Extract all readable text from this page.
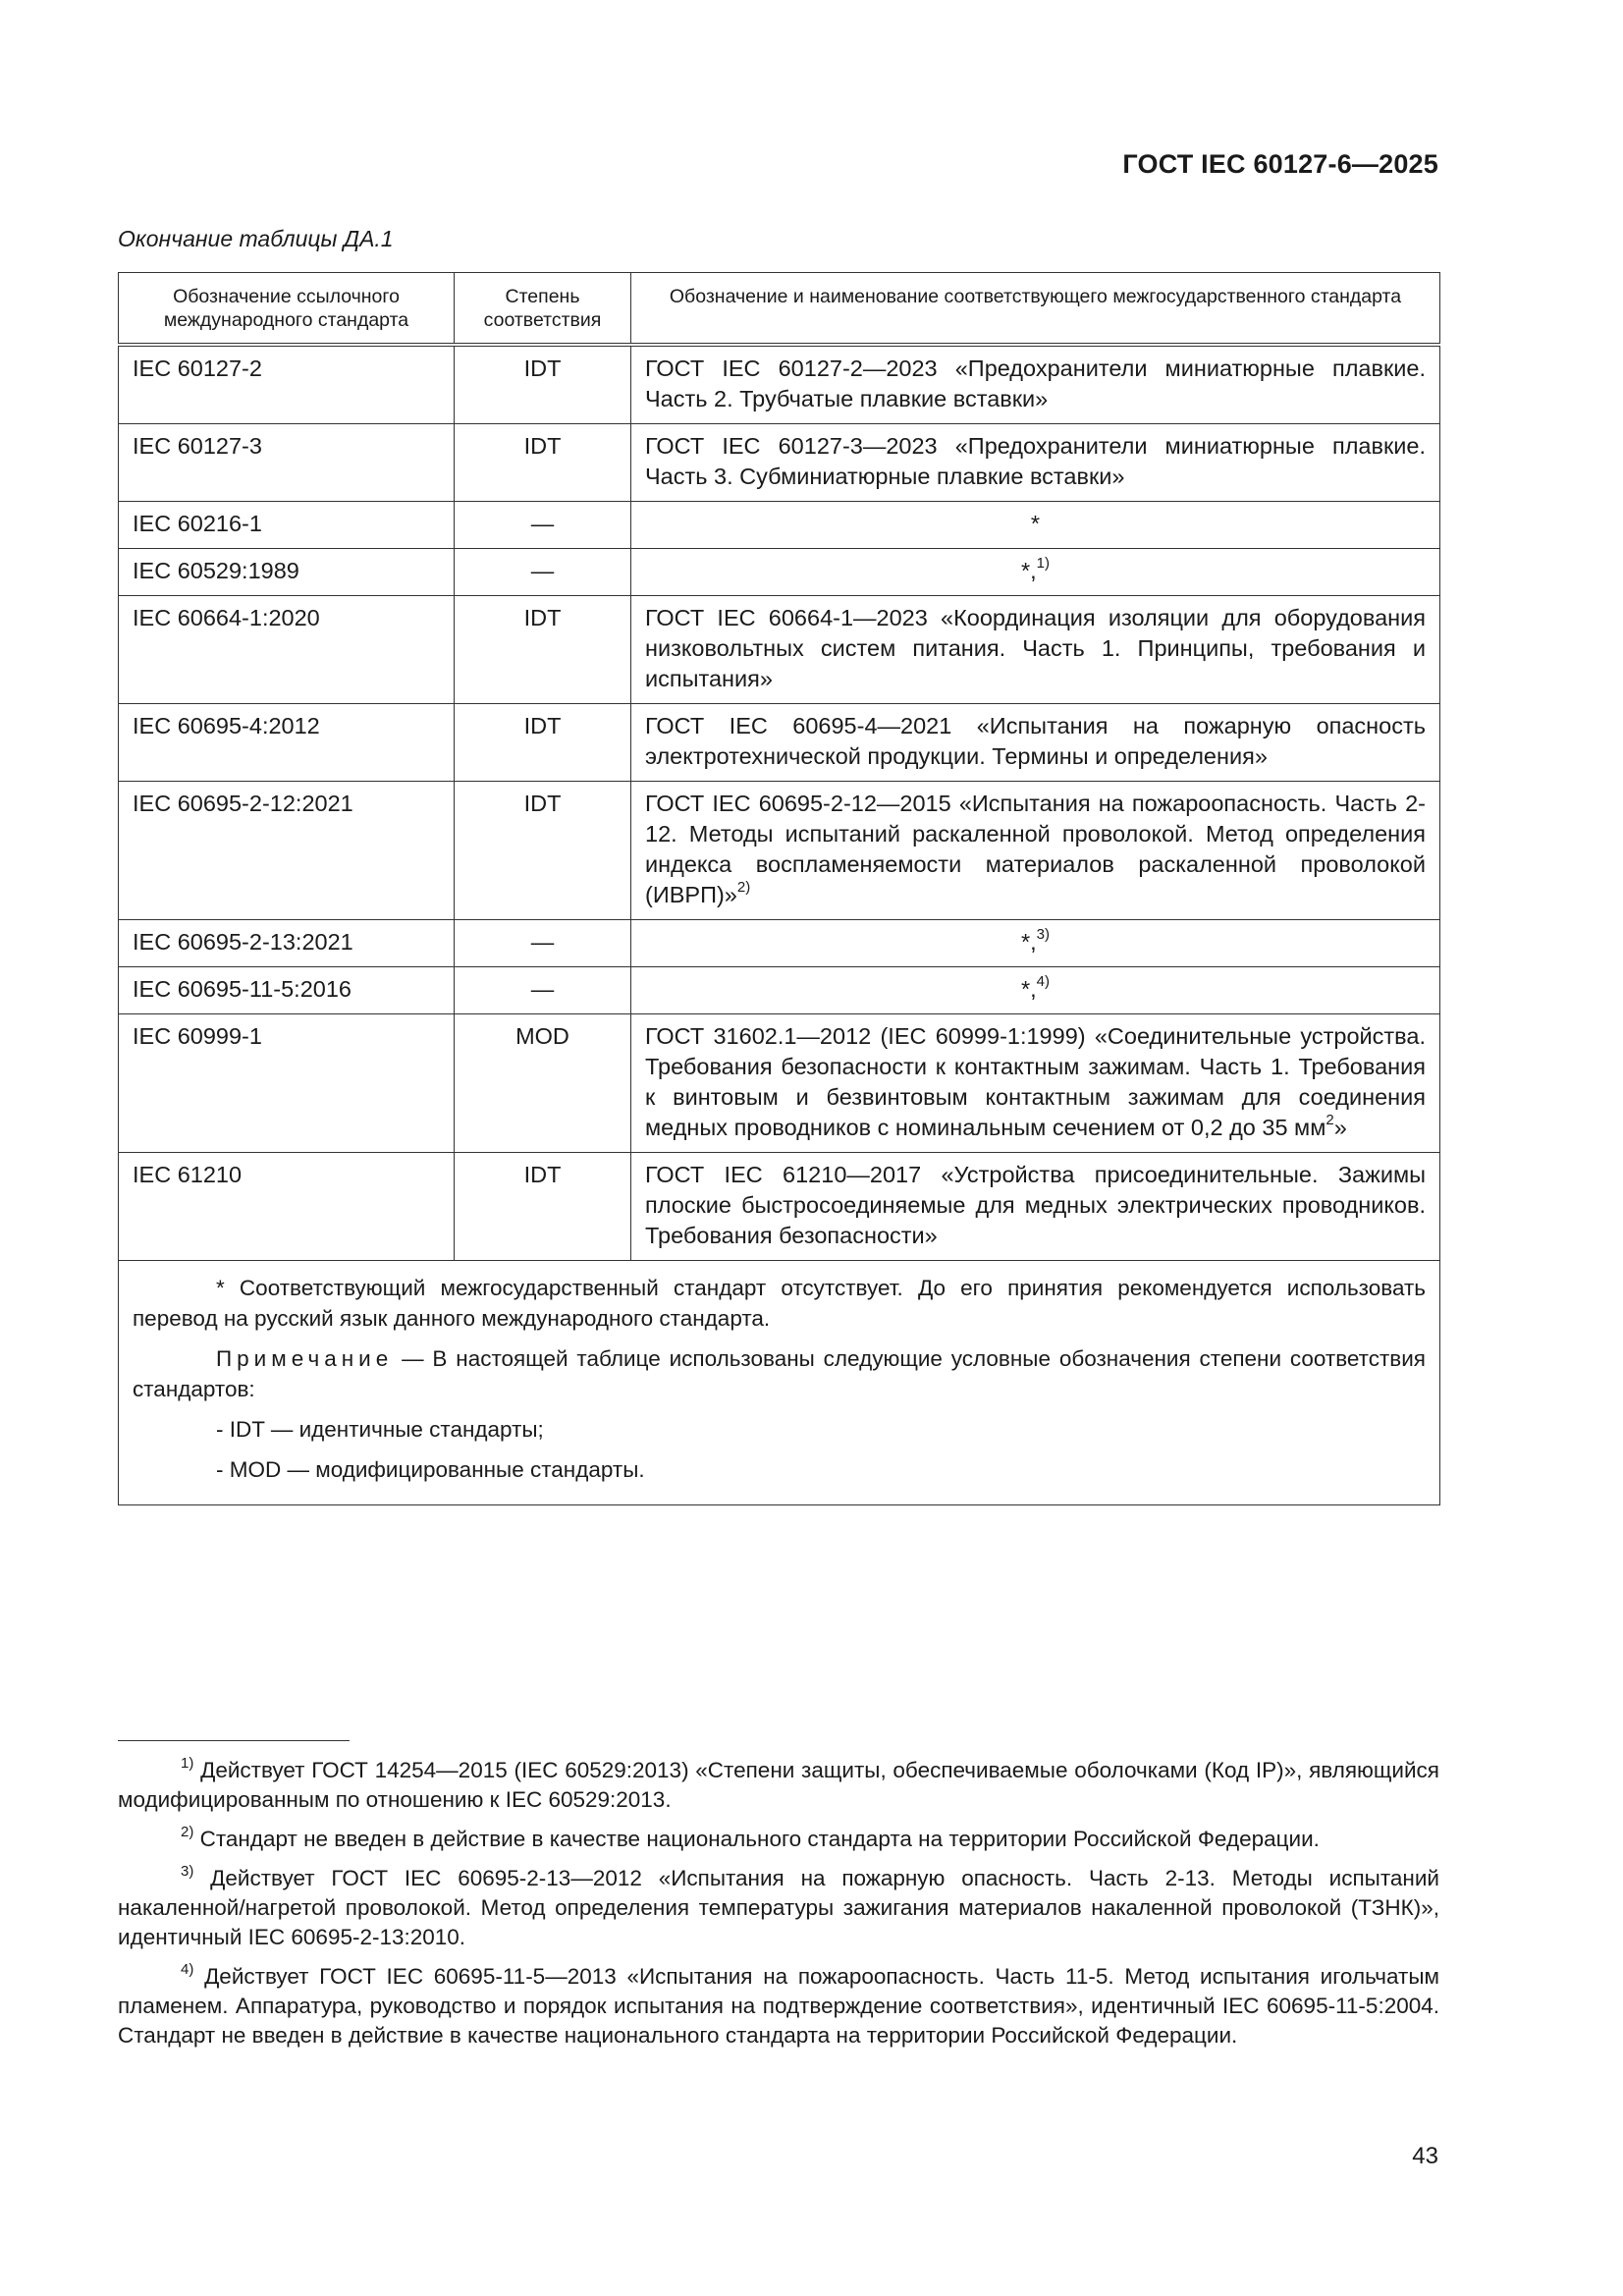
ГОСТ IEC 60127-6—2025
Окончание таблицы ДА.1
Обозначение ссылочного международного стандарта	Степень соответствия	Обозначение и наименование соответствующего межгосударственного стандарта
IEC 60127-2	IDT	ГОСТ IEC 60127-2—2023 «Предохранители миниатюрные плавкие. Часть 2. Трубчатые плавкие вставки»
IEC 60127-3	IDT	ГОСТ IEC 60127-3—2023 «Предохранители миниатюрные плавкие. Часть 3. Субминиатюрные плавкие вставки»
IEC 60216-1	—	*
IEC 60529:1989	—	*,$^{1)}$
IEC 60664-1:2020	IDT	ГОСТ IEC 60664-1—2023 «Координация изоляции для оборудования низковольтных систем питания. Часть 1. Принципы, требования и испытания»
IEC 60695-4:2012	IDT	ГОСТ IEC 60695-4—2021 «Испытания на пожарную опасность электротехнической продукции. Термины и определения»
IEC 60695-2-12:2021	IDT	ГОСТ IEC 60695-2-12—2015 «Испытания на пожароопасность. Часть 2-12. Методы испытаний раскаленной проволокой. Метод определения индекса воспламеняемости материалов раскаленной проволокой (ИВРП)»$^{2)}$
IEC 60695-2-13:2021	—	*,$^{3)}$
IEC 60695-11-5:2016	—	*,$^{4)}$
IEC 60999-1	MOD	ГОСТ 31602.1—2012 (IEC 60999-1:1999) «Соединительные устройства. Требования безопасности к контактным зажимам. Часть 1. Требования к винтовым и безвинтовым контактным зажимам для соединения медных проводников с номинальным сечением от 0,2 до 35 $мм^2$»
IEC 61210	IDT	ГОСТ IEC 61210—2017 «Устройства присоединительные. Зажимы плоские быстросоединяемые для медных электрических проводников. Требования безопасности»

* Соответствующий межгосударственный стандарт отсутствует. До его принятия рекомендуется использовать перевод на русский язык данного международного стандарта.

Примечание — В настоящей таблице использованы следующие условные обозначения степени соответствия стандартов:

- IDT — идентичные стандарты;
- MOD — модифицированные стандарты.		

$^{1)}$ Действует ГОСТ 14254—2015 (IEC 60529:2013) «Степени защиты, обеспечиваемые оболочками (Код IP)», являющийся модифицированным по отношению к IEC 60529:2013.

$^{2)}$ Стандарт не введен в действие в качестве национального стандарта на территории Российской Федерации.

$^{3)}$ Действует ГОСТ IEC 60695-2-13—2012 «Испытания на пожарную опасность. Часть 2-13. Методы испытаний накаленной/нагретой проволокой. Метод определения температуры зажигания материалов накаленной проволокой (ТЗНК)», идентичный IEC 60695-2-13:2010.

$^{4)}$ Действует ГОСТ IEC 60695-11-5—2013 «Испытания на пожароопасность. Часть 11-5. Метод испытания игольчатым пламенем. Аппаратура, руководство и порядок испытания на подтверждение соответствия», идентичный IEC 60695-11-5:2004. Стандарт не введен в действие в качестве национального стандарта на территории Российской Федерации.

43
